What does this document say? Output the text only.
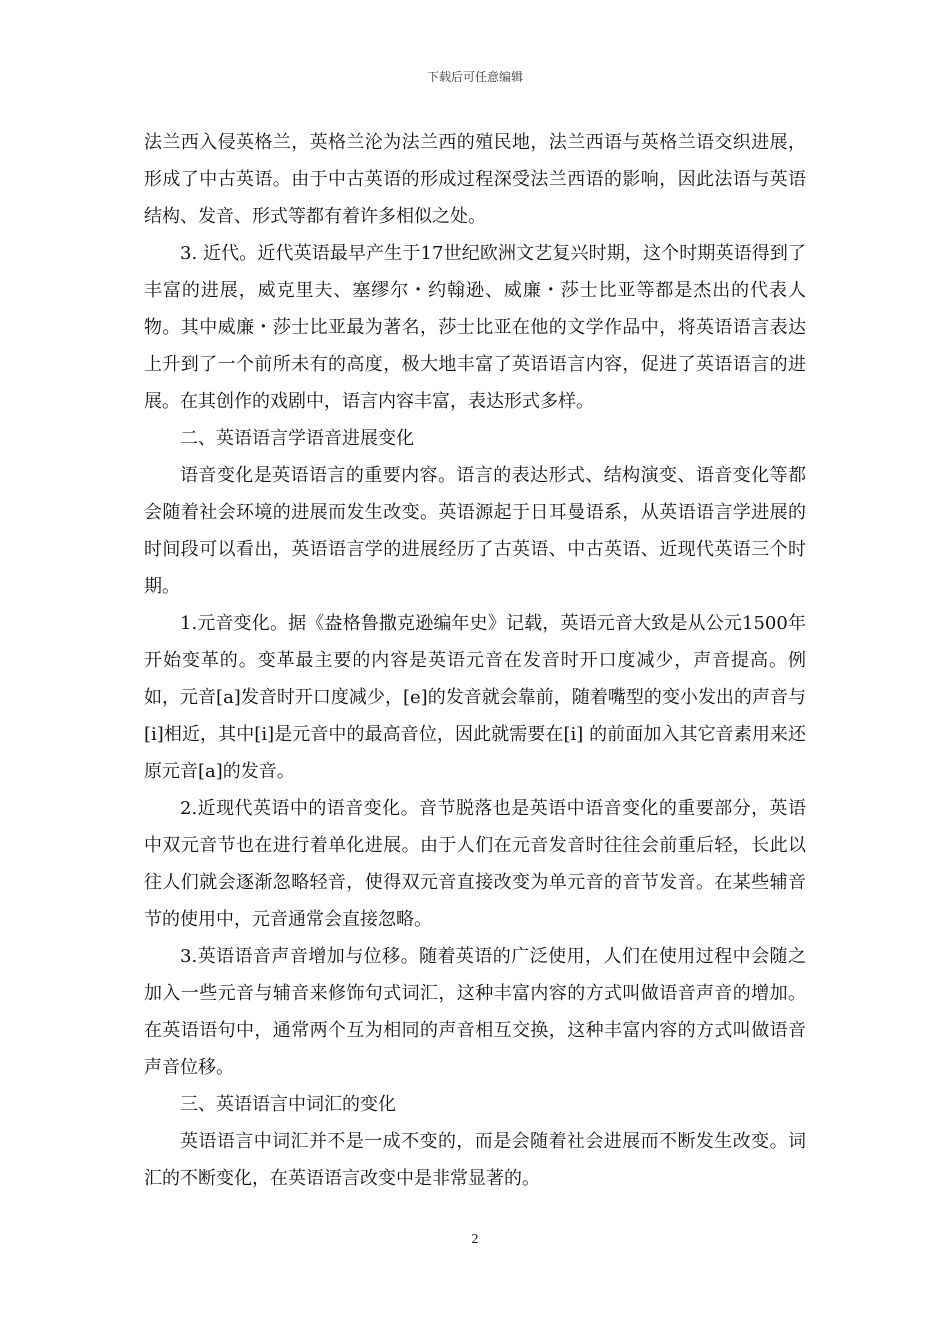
下载后可任意编辑

法兰西入侵英格兰，英格兰沦为法兰西的殖民地，法兰西语与英格兰语交织进展，形成了中古英语。由于中古英语的形成过程深受法兰西语的影响，因此法语与英语结构、发音、形式等都有着许多相似之处。

3. 近代。近代英语最早产生于17世纪欧洲文艺复兴时期，这个时期英语得到了丰富的进展，威克里夫、塞缪尔・约翰逊、威廉・莎士比亚等都是杰出的代表人物。其中威廉・莎士比亚最为著名，莎士比亚在他的文学作品中，将英语语言表达上升到了一个前所未有的高度，极大地丰富了英语语言内容，促进了英语语言的进展。在其创作的戏剧中，语言内容丰富，表达形式多样。

二、英语语言学语音进展变化

语音变化是英语语言的重要内容。语言的表达形式、结构演变、语音变化等都会随着社会环境的进展而发生改变。英语源起于日耳曼语系，从英语语言学进展的时间段可以看出，英语语言学的进展经历了古英语、中古英语、近现代英语三个时期。

1.元音变化。据《盎格鲁撒克逊编年史》记载，英语元音大致是从公元1500年开始变革的。变革最主要的内容是英语元音在发音时开口度减少，声音提高。例如，元音[a]发音时开口度减少，[e]的发音就会靠前，随着嘴型的变小发出的声音与[i]相近，其中[i]是元音中的最高音位，因此就需要在[i] 的前面加入其它音素用来还原元音[a]的发音。

2.近现代英语中的语音变化。音节脱落也是英语中语音变化的重要部分，英语中双元音节也在进行着单化进展。由于人们在元音发音时往往会前重后轻，长此以往人们就会逐渐忽略轻音，使得双元音直接改变为单元音的音节发音。在某些辅音节的使用中，元音通常会直接忽略。

3.英语语音声音增加与位移。随着英语的广泛使用，人们在使用过程中会随之加入一些元音与辅音来修饰句式词汇，这种丰富内容的方式叫做语音声音的增加。在英语语句中，通常两个互为相同的声音相互交换，这种丰富内容的方式叫做语音声音位移。

三、英语语言中词汇的变化

英语语言中词汇并不是一成不变的，而是会随着社会进展而不断发生改变。词汇的不断变化，在英语语言改变中是非常显著的。

2
